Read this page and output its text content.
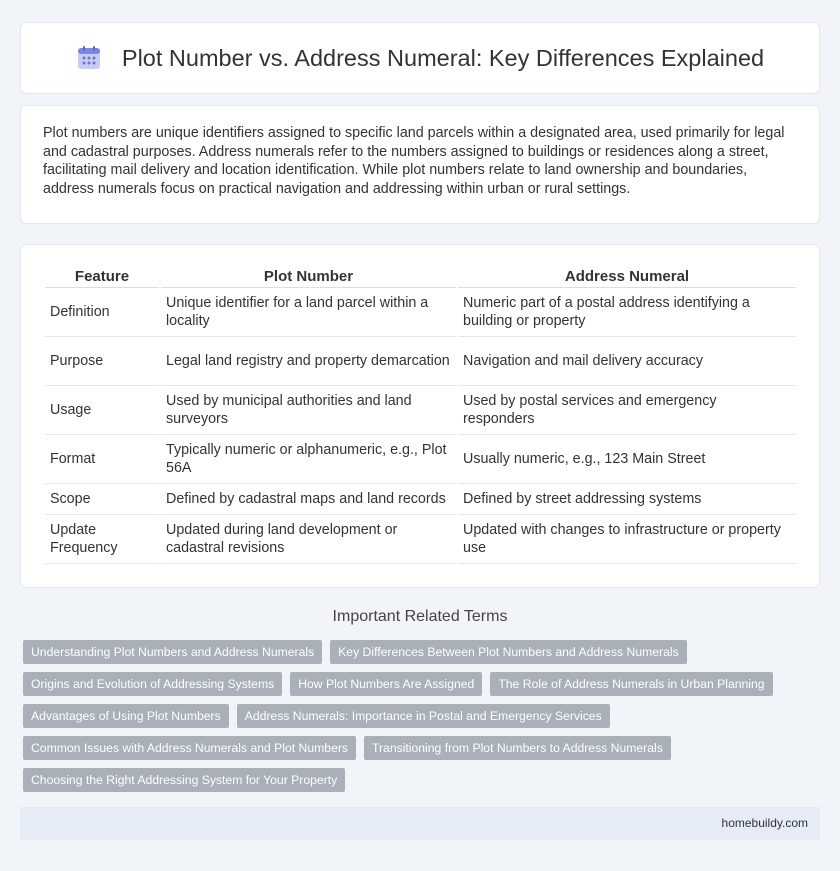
Plot Number vs. Address Numeral: Key Differences Explained

Plot numbers are unique identifiers assigned to specific land parcels within a designated area, used primarily for legal and cadastral purposes. Address numerals refer to the numbers assigned to buildings or residences along a street, facilitating mail delivery and location identification. While plot numbers relate to land ownership and boundaries, address numerals focus on practical navigation and addressing within urban or rural settings.

Feature	Plot Number	Address Numeral
Definition	Unique identifier for a land parcel within a locality	Numeric part of a postal address identifying a building or property
Purpose	Legal land registry and property demarcation	Navigation and mail delivery accuracy
Usage	Used by municipal authorities and land surveyors	Used by postal services and emergency responders
Format	Typically numeric or alphanumeric, e.g., Plot 56A	Usually numeric, e.g., 123 Main Street
Scope	Defined by cadastral maps and land records	Defined by street addressing systems
Update Frequency	Updated during land development or cadastral revisions	Updated with changes to infrastructure or property use
Important Related Terms
Understanding Plot Numbers and Address Numerals	Key Differences Between Plot Numbers and Address Numerals
Origins and Evolution of Addressing Systems	How Plot Numbers Are Assigned	The Role of Address Numerals in Urban Planning
Advantages of Using Plot Numbers	Address Numerals: Importance in Postal and Emergency Services
Common Issues with Address Numerals and Plot Numbers	Transitioning from Plot Numbers to Address Numerals
Choosing the Right Addressing System for Your Property
homebuildy.com
